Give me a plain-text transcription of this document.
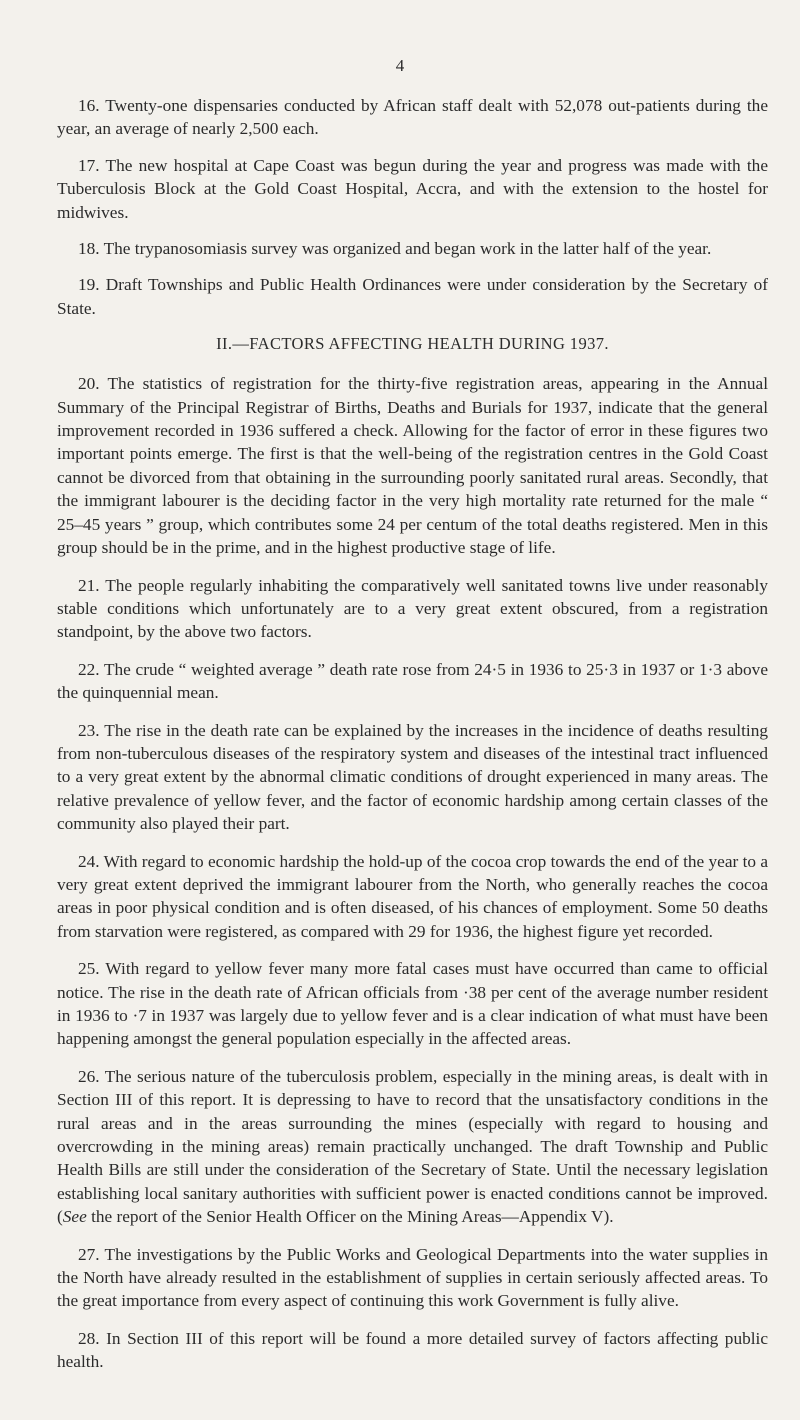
4

16. Twenty-one dispensaries conducted by African staff dealt with 52,078 out-patients during the year, an average of nearly 2,500 each.

17. The new hospital at Cape Coast was begun during the year and progress was made with the Tuberculosis Block at the Gold Coast Hospital, Accra, and with the extension to the hostel for midwives.

18. The trypanosomiasis survey was organized and began work in the latter half of the year.

19. Draft Townships and Public Health Ordinances were under consideration by the Secretary of State.

II.—FACTORS AFFECTING HEALTH DURING 1937.

20. The statistics of registration for the thirty-five registration areas, appearing in the Annual Summary of the Principal Registrar of Births, Deaths and Burials for 1937, indicate that the general improvement recorded in 1936 suffered a check. Allowing for the factor of error in these figures two important points emerge. The first is that the well-being of the registration centres in the Gold Coast cannot be divorced from that obtaining in the surrounding poorly sanitated rural areas. Secondly, that the immigrant labourer is the deciding factor in the very high mortality rate returned for the male “ 25–45 years ” group, which contributes some 24 per centum of the total deaths registered. Men in this group should be in the prime, and in the highest productive stage of life.

21. The people regularly inhabiting the comparatively well sanitated towns live under reasonably stable conditions which unfortunately are to a very great extent obscured, from a registration standpoint, by the above two factors.

22. The crude “ weighted average ” death rate rose from 24·5 in 1936 to 25·3 in 1937 or 1·3 above the quinquennial mean.

23. The rise in the death rate can be explained by the increases in the incidence of deaths resulting from non-tuberculous diseases of the respiratory system and diseases of the intestinal tract influenced to a very great extent by the abnormal climatic conditions of drought experienced in many areas. The relative prevalence of yellow fever, and the factor of economic hardship among certain classes of the community also played their part.

24. With regard to economic hardship the hold-up of the cocoa crop towards the end of the year to a very great extent deprived the immigrant labourer from the North, who generally reaches the cocoa areas in poor physical condition and is often diseased, of his chances of employment. Some 50 deaths from starvation were registered, as compared with 29 for 1936, the highest figure yet recorded.

25. With regard to yellow fever many more fatal cases must have occurred than came to official notice. The rise in the death rate of African officials from ·38 per cent of the average number resident in 1936 to ·7 in 1937 was largely due to yellow fever and is a clear indication of what must have been happening amongst the general population especially in the affected areas.

26. The serious nature of the tuberculosis problem, especially in the mining areas, is dealt with in Section III of this report. It is depressing to have to record that the unsatisfactory conditions in the rural areas and in the areas surrounding the mines (especially with regard to housing and overcrowding in the mining areas) remain practically unchanged. The draft Township and Public Health Bills are still under the consideration of the Secretary of State. Until the necessary legislation establishing local sanitary authorities with sufficient power is enacted conditions cannot be improved. (See the report of the Senior Health Officer on the Mining Areas—Appendix V).

27. The investigations by the Public Works and Geological Departments into the water supplies in the North have already resulted in the establishment of supplies in certain seriously affected areas. To the great importance from every aspect of continuing this work Government is fully alive.

28. In Section III of this report will be found a more detailed survey of factors affecting public health.
